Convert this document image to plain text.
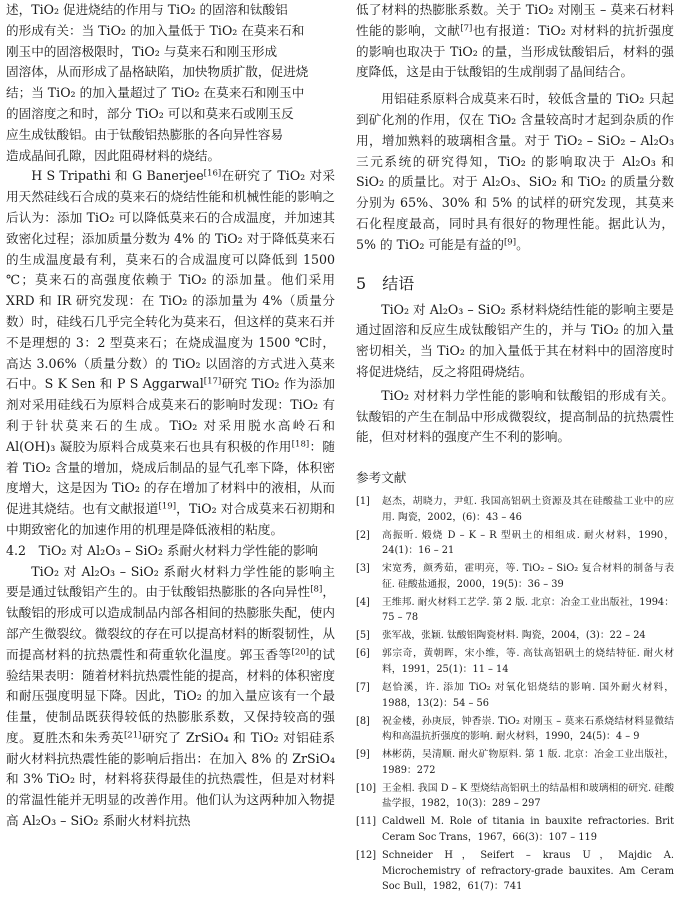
述，TiO₂ 促进烧结的作用与 TiO₂ 的固溶和钛酸铝
的形成有关：当 TiO₂ 的加入量低于 TiO₂ 在莫来石和
刚玉中的固溶极限时，TiO₂ 与莫来石和刚玉形成
固溶体，从而形成了晶格缺陷，加快物质扩散，促进烧
结；当 TiO₂ 的加入量超过了 TiO₂ 在莫来石和刚玉中
的固溶度之和时，部分 TiO₂ 可以和莫来石或刚玉反
应生成钛酸铝。由于钛酸铝热膨胀的各向异性容易
造成晶间孔隙，因此阻碍材料的烧结。

H S Tripathi 和 G Banerjee[16]在研究了 TiO₂ 对采用天然硅线石合成的莫来石的烧结性能和机械性能的影响之后认为：添加 TiO₂ 可以降低莫来石的合成温度，并加速其致密化过程；添加质量分数为 4% 的 TiO₂ 对于降低莫来石的生成温度最有利，莫来石的合成温度可以降低到 1500 ℃；莫来石的高强度依赖于 TiO₂ 的添加量。他们采用 XRD 和 IR 研究发现：在 TiO₂ 的添加量为 4%（质量分数）时，硅线石几乎完全转化为莫来石，但这样的莫来石并不是理想的 3：2 型莫来石；在烧成温度为 1500 ℃时，高达 3.06%（质量分数）的 TiO₂ 以固溶的方式进入莫来石中。S K Sen 和 P S Aggarwal[17]研究 TiO₂ 作为添加剂对采用硅线石为原料合成莫来石的影响时发现：TiO₂ 有利于针状莫来石的生成。TiO₂ 对采用脱水高岭石和 Al(OH)₃ 凝胶为原料合成莫来石也具有积极的作用[18]：随着 TiO₂ 含量的增加，烧成后制品的显气孔率下降，体积密度增大，这是因为 TiO₂ 的存在增加了材料中的液相，从而促进其烧结。也有文献报道[19]，TiO₂ 对合成莫来石初期和中期致密化的加速作用的机理是降低液相的粘度。

4.2　TiO₂ 对 Al₂O₃ – SiO₂ 系耐火材料力学性能的影响

TiO₂ 对 Al₂O₃ – SiO₂ 系耐火材料力学性能的影响主要是通过钛酸铝产生的。由于钛酸铝热膨胀的各向异性[8]，钛酸铝的形成可以造成制品内部各相间的热膨胀失配，使内部产生微裂纹。微裂纹的存在可以提高材料的断裂韧性，从而提高材料的抗热震性和荷重软化温度。郭玉香等[20]的试验结果表明：随着材料抗热震性能的提高，材料的体积密度和耐压强度明显下降。因此，TiO₂ 的加入量应该有一个最佳量，使制品既获得较低的热膨胀系数，又保持较高的强度。夏胜杰和朱秀英[21]研究了 ZrSiO₄ 和 TiO₂ 对铝硅系耐火材料抗热震性能的影响后指出：在加入 8% 的 ZrSiO₄ 和 3% TiO₂ 时，材料将获得最佳的抗热震性，但是对材料的常温性能并无明显的改善作用。他们认为这两种加入物提高 Al₂O₃ – SiO₂ 系耐火材料抗热

低了材料的热膨胀系数。关于 TiO₂ 对刚玉 – 莫来石材料性能的影响，文献[7]也有报道：TiO₂ 对材料的抗折强度的影响也取决于 TiO₂ 的量，当形成钛酸铝后，材料的强度降低，这是由于钛酸铝的生成削弱了晶间结合。

用铝硅系原料合成莫来石时，较低含量的 TiO₂ 只起到矿化剂的作用，仅在 TiO₂ 含量较高时才起到杂质的作用，增加熟料的玻璃相含量。对于 TiO₂ – SiO₂ – Al₂O₃ 三元系统的研究得知，TiO₂ 的影响取决于 Al₂O₃ 和 SiO₂ 的质量比。对于 Al₂O₃、SiO₂ 和 TiO₂ 的质量分数分别为 65%、30% 和 5% 的试样的研究发现，其莫来石化程度最高，同时具有很好的物理性能。据此认为，5% 的 TiO₂ 可能是有益的[9]。

5 结语

TiO₂ 对 Al₂O₃ – SiO₂ 系材料烧结性能的影响主要是通过固溶和反应生成钛酸铝产生的，并与 TiO₂ 的加入量密切相关，当 TiO₂ 的加入量低于其在材料中的固溶度时将促进烧结，反之将阻碍烧结。

TiO₂ 对材料力学性能的影响和钛酸铝的形成有关。钛酸铝的产生在制品中形成微裂纹，提高制品的抗热震性能，但对材料的强度产生不利的影响。

参考文献
[1]	赵杰，胡晓力，尹虹. 我国高铝矾土资源及其在硅酸盐工业中的应用. 陶瓷，2002，(6)：43 – 46
[2]	高振昕. 煅烧 D – K – R 型矾土的相组成. 耐火材料，1990，24(1)：16 – 21
[3]	宋宽秀，颜秀茹，霍明亮，等. TiO₂ – SiO₂ 复合材料的制备与表征. 硅酸盐通报，2000，19(5)：36 – 39
[4]	王维邦. 耐火材料工艺学. 第 2 版. 北京：冶金工业出版社，1994：75 – 78
[5]	张军战，张颖. 钛酸铝陶瓷材料. 陶瓷，2004，(3)：22 – 24
[6]	郭宗奇，黄朝晖，宋小维，等. 高钛高铝矾土的烧结特征. 耐火材料，1991，25(1)：11 – 14
[7]	赵恰溪，许. 添加 TiO₂ 对氧化铝烧结的影响. 国外耐火材料，1988，13(2)：54 – 56
[8]	祝金楼，孙庚辰，钟香崇. TiO₂ 对刚玉 – 莫来石系烧结材料显微结构和高温抗折强度的影响. 耐火材料，1990，24(5)：4 – 9
[9]	林彬荫，吴清顺. 耐火矿物原料. 第 1 版. 北京：冶金工业出版社，1989：272
[10] 王金相. 我国 D – K 型烧结高铝矾土的结晶相和玻璃相的研究. 硅酸盐学报，1982，10(3)：289 – 297
[11] Caldwell M. Role of titania in bauxite refractories. Brit Ceram Soc Trans，1967，66(3)：107 – 119
[12] Schneider H，Seifert – kraus U，Majdic A. Microchemistry of refractory-grade bauxites. Am Ceram Soc Bull，1982，61(7)：741
